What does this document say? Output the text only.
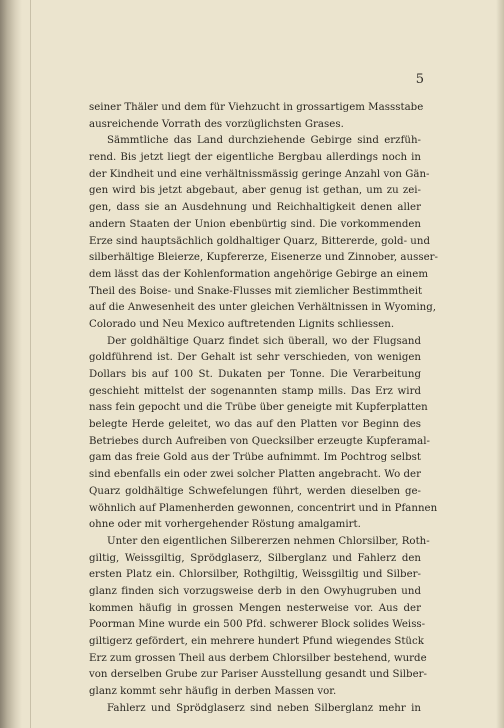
5
seiner Thäler und dem für Viehzucht in grossartigem Massstabe
ausreichende Vorrath des vorzüglichsten Grases.
Sämmtliche das Land durchziehende Gebirge sind erzfüh-
rend. Bis jetzt liegt der eigentliche Bergbau allerdings noch in
der Kindheit und eine verhältnissmässig geringe Anzahl von Gän-
gen wird bis jetzt abgebaut, aber genug ist gethan, um zu zei-
gen, dass sie an Ausdehnung und Reichhaltigkeit denen aller
andern Staaten der Union ebenbürtig sind. Die vorkommenden
Erze sind hauptsächlich goldhaltiger Quarz, Bittererde, gold- und
silberhältige Bleierze, Kupfererze, Eisenerze und Zinnober, ausser-
dem lässt das der Kohlenformation angehörige Gebirge an einem
Theil des Boise- und Snake-Flusses mit ziemlicher Bestimmtheit
auf die Anwesenheit des unter gleichen Verhältnissen in Wyoming,
Colorado und Neu Mexico auftretenden Lignits schliessen.
Der goldhältige Quarz findet sich überall, wo der Flugsand
goldführend ist. Der Gehalt ist sehr verschieden, von wenigen
Dollars bis auf 100 St. Dukaten per Tonne. Die Verarbeitung
geschieht mittelst der sogenannten stamp mills. Das Erz wird
nass fein gepocht und die Trübe über geneigte mit Kupferplatten
belegte Herde geleitet, wo das auf den Platten vor Beginn des
Betriebes durch Aufreiben von Quecksilber erzeugte Kupferamal-
gam das freie Gold aus der Trübe aufnimmt. Im Pochtrog selbst
sind ebenfalls ein oder zwei solcher Platten angebracht. Wo der
Quarz goldhältige Schwefelungen führt, werden dieselben ge-
wöhnlich auf Plamenherden gewonnen, concentrirt und in Pfannen
ohne oder mit vorhergehender Röstung amalgamirt.
Unter den eigentlichen Silbererzen nehmen Chlorsilber, Roth-
giltig, Weissgiltig, Sprödglaserz, Silberglanz und Fahlerz den
ersten Platz ein. Chlorsilber, Rothgiltig, Weissgiltig und Silber-
glanz finden sich vorzugsweise derb in den Owyhugruben und
kommen häufig in grossen Mengen nesterweise vor. Aus der
Poorman Mine wurde ein 500 Pfd. schwerer Block solides Weiss-
giltigerz gefördert, ein mehrere hundert Pfund wiegendes Stück
Erz zum grossen Theil aus derbem Chlorsilber bestehend, wurde
von derselben Grube zur Pariser Ausstellung gesandt und Silber-
glanz kommt sehr häufig in derben Massen vor.
Fahlerz und Sprödglaserz sind neben Silberglanz mehr in
